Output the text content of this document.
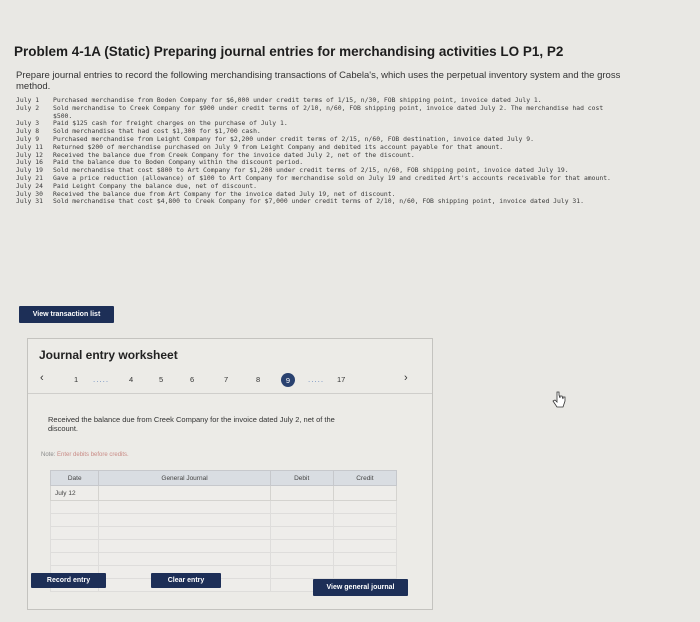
Problem 4-1A (Static) Preparing journal entries for merchandising activities LO P1, P2
Prepare journal entries to record the following merchandising transactions of Cabela's, which uses the perpetual inventory system and the gross method.
July 1	Purchased merchandise from Boden Company for $6,000 under credit terms of 1/15, n/30, FOB shipping point, invoice dated July 1.
July 2	Sold merchandise to Creek Company for $900 under credit terms of 2/10, n/60, FOB shipping point, invoice dated July 2. The merchandise had cost $500.
July 3	Paid $125 cash for freight charges on the purchase of July 1.
July 8	Sold merchandise that had cost $1,300 for $1,700 cash.
July 9	Purchased merchandise from Leight Company for $2,200 under credit terms of 2/15, n/60, FOB destination, invoice dated July 9.
July 11	Returned $200 of merchandise purchased on July 9 from Leight Company and debited its account payable for that amount.
July 12	Received the balance due from Creek Company for the invoice dated July 2, net of the discount.
July 16	Paid the balance due to Boden Company within the discount period.
July 19	Sold merchandise that cost $800 to Art Company for $1,200 under credit terms of 2/15, n/60, FOB shipping point, invoice dated July 19.
July 21	Gave a price reduction (allowance) of $100 to Art Company for merchandise sold on July 19 and credited Art's accounts receivable for that amount.
July 24	Paid Leight Company the balance due, net of discount.
July 30	Received the balance due from Art Company for the invoice dated July 19, net of discount.
July 31	Sold merchandise that cost $4,800 to Creek Company for $7,000 under credit terms of 2/10, n/60, FOB shipping point, invoice dated July 31.
View transaction list
Journal entry worksheet
‹	1 .....	4	5	6	7	8	9	..... 17	›
Received the balance due from Creek Company for the invoice dated July 2, net of the discount.
Note: Enter debits before credits.
Date	General Journal	Debit	Credit
July 12			

Record entry	Clear entry
View general journal
